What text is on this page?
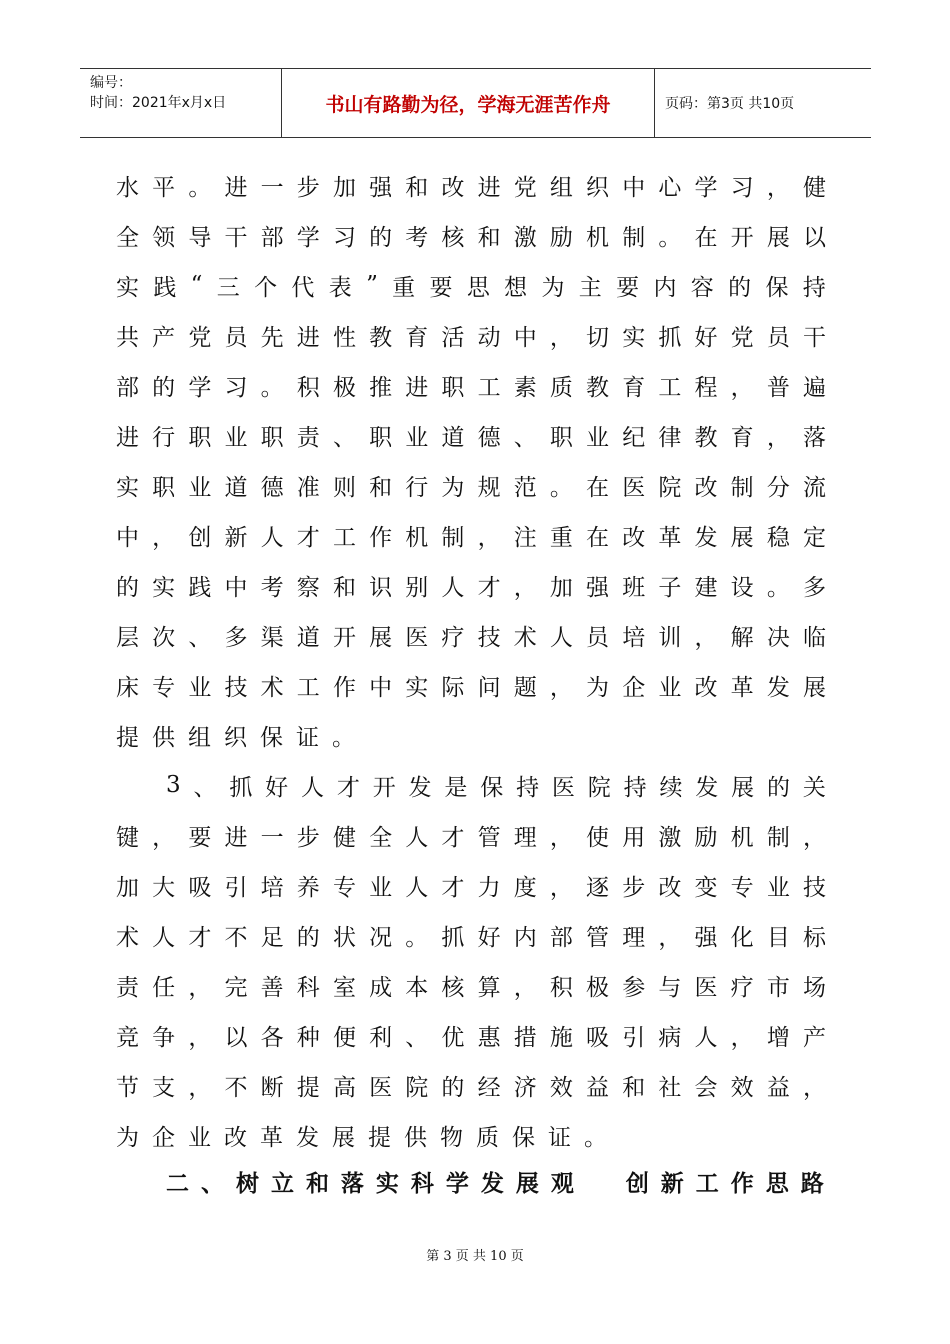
编号：
时间：2021年x月x日	书山有路勤为径，学海无涯苦作舟	页码：第3页 共10页
水 平 。 进 一 步 加 强 和 改 进 党 组 织 中 心 学 习 ， 健
全 领 导 干 部 学 习 的 考 核 和 激 励 机 制 。 在 开 展 以
实 践 “ 三 个 代 表 ” 重 要 思 想 为 主 要 内 容 的 保 持
共 产 党 员 先 进 性 教 育 活 动 中 ， 切 实 抓 好 党 员 干
部 的 学 习 。 积 极 推 进 职 工 素 质 教 育 工 程 ， 普 遍
进 行 职 业 职 责 、 职 业 道 德 、 职 业 纪 律 教 育 ， 落
实 职 业 道 德 准 则 和 行 为 规 范 。 在 医 院 改 制 分 流
中 ， 创 新 人 才 工 作 机 制 ， 注 重 在 改 革 发 展 稳 定
的 实 践 中 考 察 和 识 别 人 才 ， 加 强 班 子 建 设 。 多
层 次 、 多 渠 道 开 展 医 疗 技 术 人 员 培 训 ， 解 决 临
床 专 业 技 术 工 作 中 实 际 问 题 ， 为 企 业 改 革 发 展
提 供 组 织 保 证 。
3 、 抓 好 人 才 开 发 是 保 持 医 院 持 续 发 展 的 关
键 ， 要 进 一 步 健 全 人 才 管 理 ， 使 用 激 励 机 制 ，
加 大 吸 引 培 养 专 业 人 才 力 度 ， 逐 步 改 变 专 业 技
术 人 才 不 足 的 状 况 。 抓 好 内 部 管 理 ， 强 化 目 标
责 任 ， 完 善 科 室 成 本 核 算 ， 积 极 参 与 医 疗 市 场
竞 争 ， 以 各 种 便 利 、 优 惠 措 施 吸 引 病 人 ， 增 产
节 支 ， 不 断 提 高 医 院 的 经 济 效 益 和 社 会 效 益 ，
为 企 业 改 革 发 展 提 供 物 质 保 证 。
二 、 树 立 和 落 实 科 学 发 展 观

创 新 工 作 思 路
第 3 页 共 10 页
